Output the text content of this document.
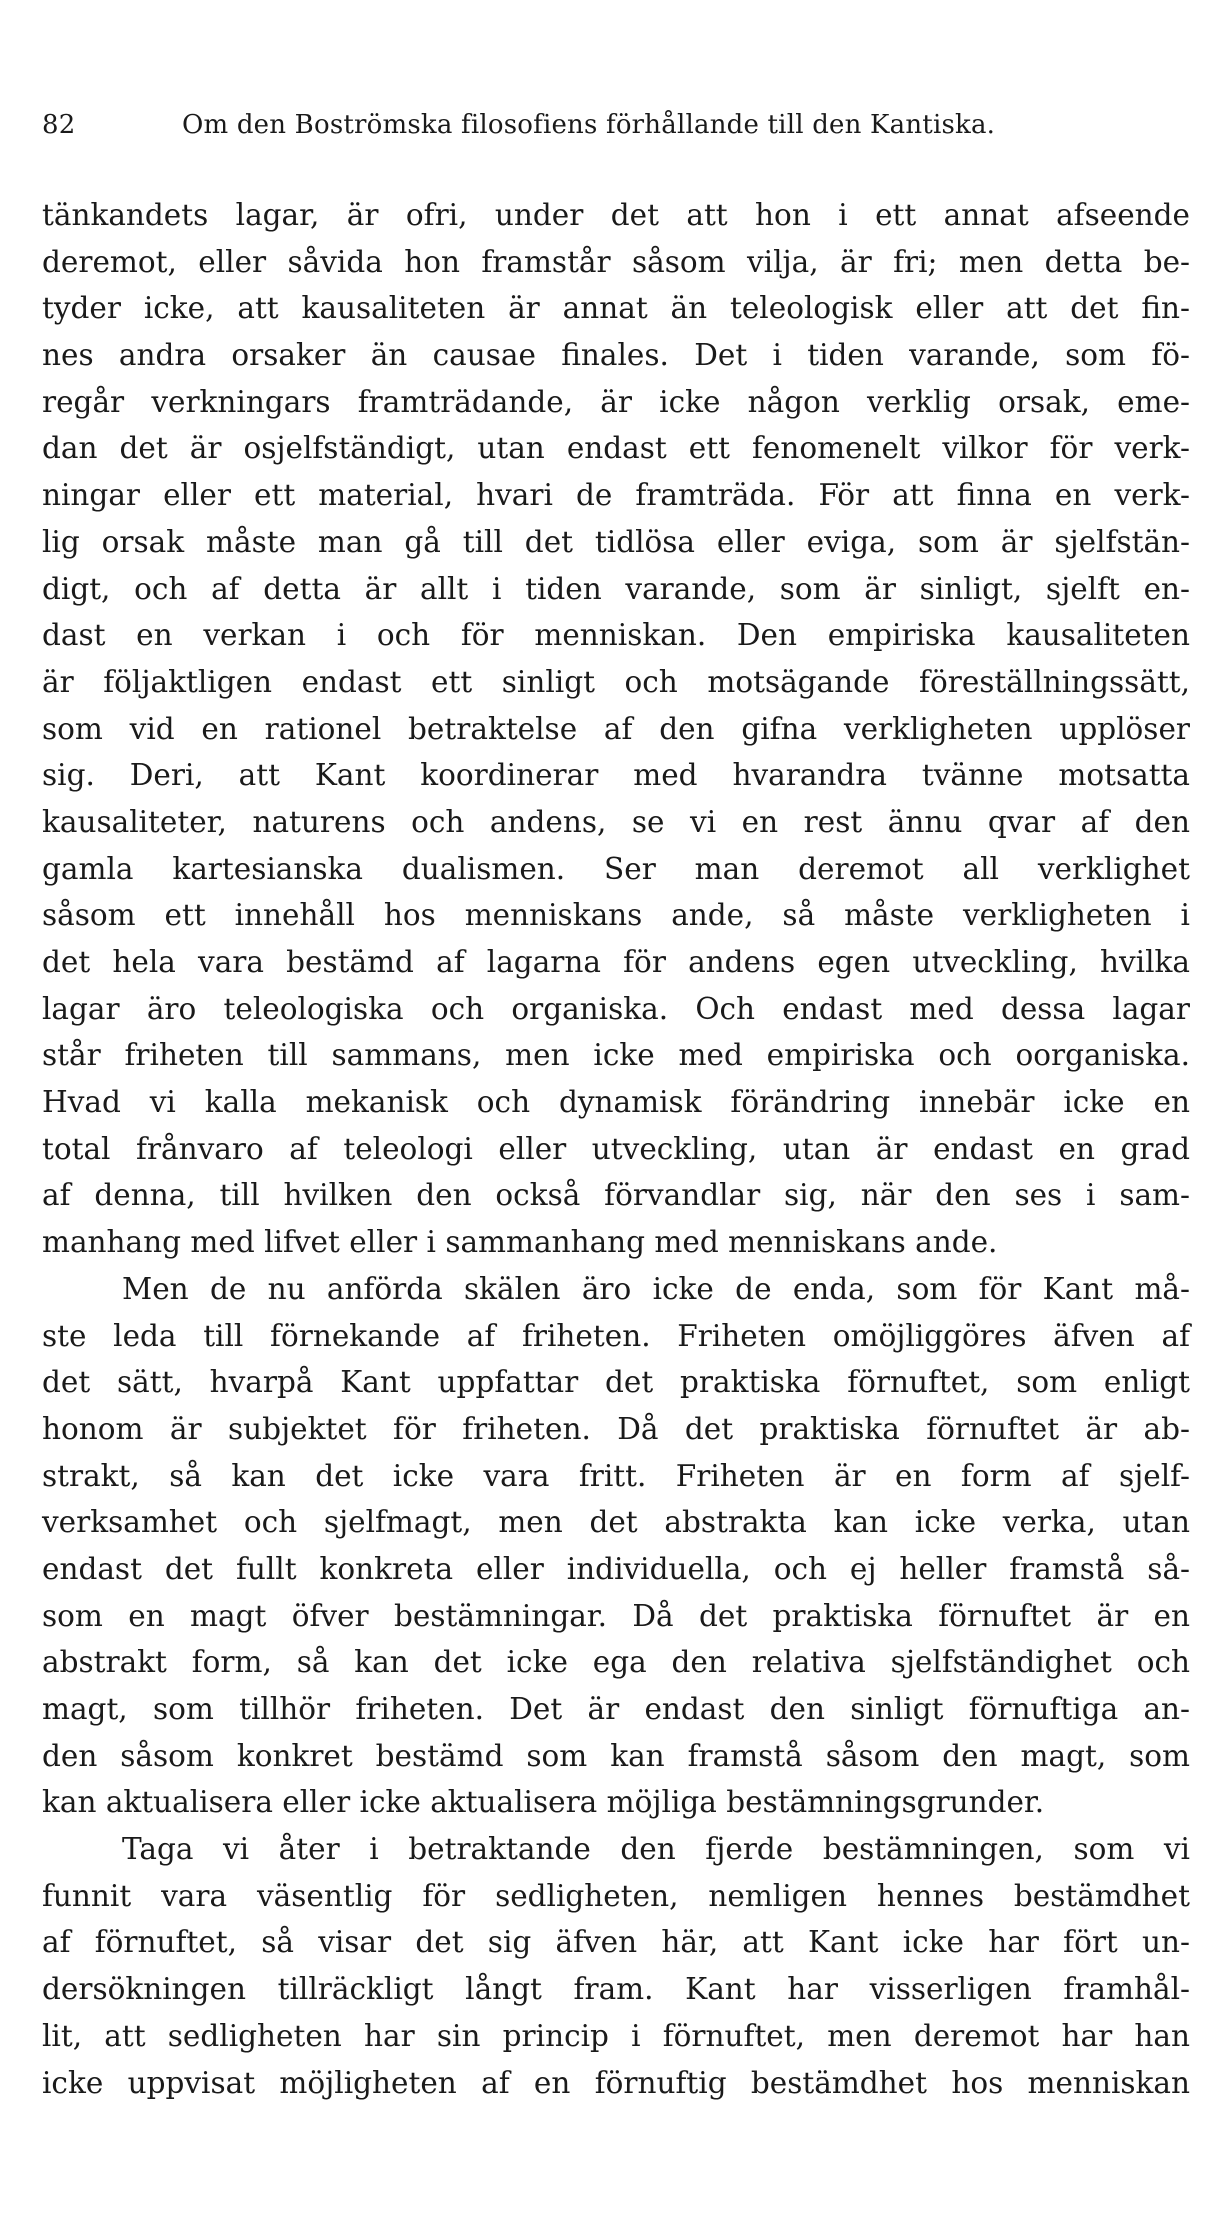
82	Om den Boströmska filosofiens förhållande till den Kantiska.
tänkandets lagar, är ofri, under det att hon i ett annat afseende
deremot, eller såvida hon framstår såsom vilja, är fri; men detta be-
tyder icke, att kausaliteten är annat än teleologisk eller att det fin-
nes andra orsaker än causae finales. Det i tiden varande, som fö-
regår verkningars framträdande, är icke någon verklig orsak, eme-
dan det är osjelfständigt, utan endast ett fenomenelt vilkor för verk-
ningar eller ett material, hvari de framträda. För att finna en verk-
lig orsak måste man gå till det tidlösa eller eviga, som är sjelfstän-
digt, och af detta är allt i tiden varande, som är sinligt, sjelft en-
dast en verkan i och för menniskan. Den empiriska kausaliteten
är följaktligen endast ett sinligt och motsägande föreställningssätt,
som vid en rationel betraktelse af den gifna verkligheten upplöser
sig. Deri, att Kant koordinerar med hvarandra tvänne motsatta
kausaliteter, naturens och andens, se vi en rest ännu qvar af den
gamla kartesianska dualismen. Ser man deremot all verklighet
såsom ett innehåll hos menniskans ande, så måste verkligheten i
det hela vara bestämd af lagarna för andens egen utveckling, hvilka
lagar äro teleologiska och organiska. Och endast med dessa lagar
står friheten till sammans, men icke med empiriska och oorganiska.
Hvad vi kalla mekanisk och dynamisk förändring innebär icke en
total frånvaro af teleologi eller utveckling, utan är endast en grad
af denna, till hvilken den också förvandlar sig, när den ses i sam-
manhang med lifvet eller i sammanhang med menniskans ande.
Men de nu anförda skälen äro icke de enda, som för Kant må-
ste leda till förnekande af friheten. Friheten omöjliggöres äfven af
det sätt, hvarpå Kant uppfattar det praktiska förnuftet, som enligt
honom är subjektet för friheten. Då det praktiska förnuftet är ab-
strakt, så kan det icke vara fritt. Friheten är en form af sjelf-
verksamhet och sjelfmagt, men det abstrakta kan icke verka, utan
endast det fullt konkreta eller individuella, och ej heller framstå så-
som en magt öfver bestämningar. Då det praktiska förnuftet är en
abstrakt form, så kan det icke ega den relativa sjelfständighet och
magt, som tillhör friheten. Det är endast den sinligt förnuftiga an-
den såsom konkret bestämd som kan framstå såsom den magt, som
kan aktualisera eller icke aktualisera möjliga bestämningsgrunder.
Taga vi åter i betraktande den fjerde bestämningen, som vi
funnit vara väsentlig för sedligheten, nemligen hennes bestämdhet
af förnuftet, så visar det sig äfven här, att Kant icke har fört un-
dersökningen tillräckligt långt fram. Kant har visserligen framhål-
lit, att sedligheten har sin princip i förnuftet, men deremot har han
icke uppvisat möjligheten af en förnuftig bestämdhet hos menniskan
